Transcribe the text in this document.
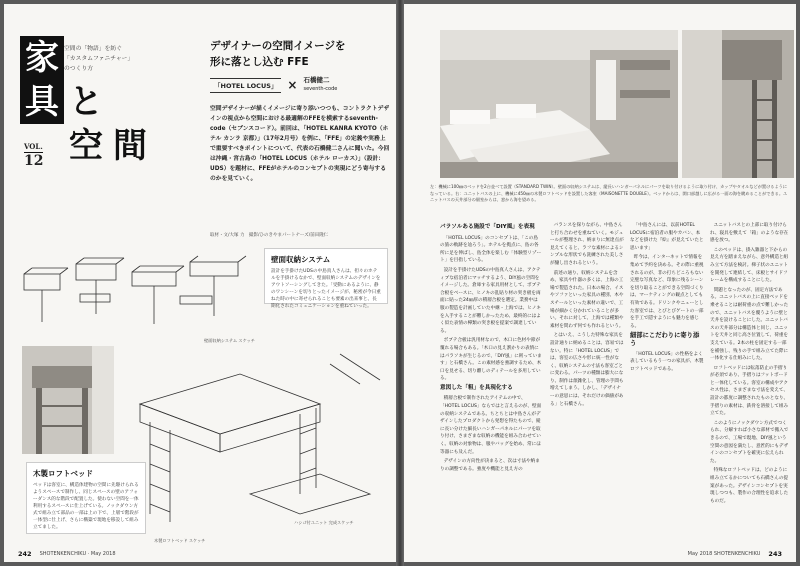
家
具 と
空 間
空間の「物語」を紡ぐ
「カスタムファニチャー」
のつくり方
VOL.
12
デザイナーの空間イメージを
形に落とし込む FFE
「HOTEL LOCUS」 × 石橋健二
seventh-code
空間デザイナーが描くイメージに寄り添いつつも、コントラクトデザインの視点から空間における最適解のFFEを模索するseventh-code（セブンスコード）。前回は、「HOTEL KANRA KYOTO（ホテル カンラ 京都）」（17年2月号）を例に、「FFE」の定義や実務上で重要すべきポイントについて、代表の石橋健二さんに聞いた。今回は沖縄・宮古島の「HOTEL LOCUS（ホテル ローカス）」（設計：UDS）を題材に、FFEがホテルのコンセプトの実現にどう寄与するのかを見ていく。
取材・文/大塚 力　撮影/ひのきやまパートナーズ/前田隆仁
壁面収納システム スケッチ
壁面収納システム

設計を手掛けたUDSの中島真人さんは、担々のホテルを手掛けるなかで、壁面収納システムのデザインをアウトソーシングしてきた。「受動にあるように、静のワンシーンを切りとったイメージが、秘密が今日重ねた時の中に寄せられることも要素の出来事と、長期化されたコミュニケーションを重ねていった。

木製ロフトベッド スケッチ
ハシゴ付ユニット 完成スケッチ
木製ロフトベッド

ベッドは客室に、構造体建物の空間に先駆けられるようスペースで制作し、同じスペースの壁のアフォーダンス的な階段で配置した。使わない空間を一体利用するスペースに仕上げている。ノックダウン方式で組み立て部品の一部は上の下で、上層で階段が一体型に仕上げ、さらに構築で現地を移設して組み立てました。

242 SHOTENKENCHIKU · May 2018
左：機械に100㎜のベッドを2台並べて設置（STANDARD TWIN）。壁面の収納システムは、縦長いハンガーパネルにパーツを取り付けるように取り付け、カップやタオルなどが置けるようになっている。右：ユニットバスの上に、機械に450㎜の木製ロフトベッドを設置した客室（MAISONETTE DOUBLE）。ベッドからは、開口部越しに広がる一面の海を眺めることができる。ユニットバスの天井部分の個室からは、窓から海を望める。

バランスを探りながら、中島さんと打ち合わせを重ねていく。モジュールが整理され、納まりに無達点が見えてくると、ラフな素材によるシンプルな形状でも洗練された美しさが醸し出されるという。

前述の通り、収納システムを含め、家具や什器の多くは、上海の工場で製造された。日本の場合、イスやソファといった家具の種別、木やスチールといった素材の違いで、工場が細かく分かれていることが多い。それに対して、上海では種類や素材を問わず何でも作れるという。

とはいえ、こうした特殊な家具を設計通りに納めることは、容易ではない。特に「HOTEL LOCUS」では、客室の広さや形に統一性がなく、収納システムの寸法も客室ごとに変わる。パーツの種類は膨大になり、制作は煩雑化し、管理の手間も増えてしまう。しかし、「デザイナーの意思には、それだけの価値がある」と石橋さん。

「中島さんには、以前HOTEL LOCUSに宿泊者の服やカバン、本などを掛けた『絵』が見えていたと思います」

昨今は、インターネットで情報を集めて予約を決める。その際に重視されるのが、非の打ちどころもない完璧な写真など、印象に残るシーンを切り取ることができる空間づくりは、マーケティングの観点としても有効である。ドリンクやニューとした客室では、とびとびゲートの一部を手工で隠すようにも魅力を感じる。

細部にこだわりに寄り添う

「HOTEL LOCUS」の性格をよく表しているもう一つの家具が、木製ロフトベッドである。

ユニットバスとの上部に取り付けられ、寝具を敷えて「箱」のような存在感を放つ。

このベッドは、掛入雑器と下からの見え方を踏まえながら、意外構造と組み立て方法を検討。梯子状のユニットを開発して連結して、床板とサイドフレームを構成することにした。

問題となったのが、固定方法である。ユニットバスの上に直接ベッドを乗せることは耐荷重の点で難しかったので、ユニットバスを覆うように壁と天井を設けることにした。ユニットバスの天井部分は構造体と同じ、ユニットを天井と同じ高さ位置して、荷重を支えている。2本の柱を固定する一部を補強し、残りの手で組み立てた際に一体化する仕組みにした。

ロフトベッドには転落防止の手摺りが必須であり、手摺りはフットボードと一体化している。客室の構成やアクセス性は、さまざまな寸法を変えて、設計の都度に調整されたものとなり、手摺りの素材は、鉄骨を溶接して組み立てた。

このようにノックダウン方式でつくられ、分解すれば小さな部材で搬入できるので、工場で現地、DIY風という空間の意図を満たし、意匠的にもデザインのコンセプトを確実に伝えられた。

特殊なロフトベッドは、どのように組み立てるかについても石橋さんの提案があった。デザインコンセプトを実現しつつも、製作の合理性を追求したものだ。

May 2018 SHOTENKENCHIKU 243
パラソルある施設で「DIY風」を表現

「HOTEL LOCUS」のコンセプトは、「この島の旅の軌跡を辿ろう」。ホテルを拠点に、島の各所に足を伸ばし、島全体を楽しむ「体験型リゾート」を目指している。

設計を手掛けたUDSの中島真人さんは、アクティブな宿泊者にマッチするよう、DIY風の空間をイメージした。倉庫する家具用材として、ボブテ合板をベースに、ヒノキの乱貼り材の突き板を両面に貼った24㎜厚の積層合板を選定。業務中は服の製造を計画していた中継・上海では、ヒノキを入手することが難しかったため、最終的にはよく似た表情の樺類の突き板を提案で調達している。

ボブテ合板は汎用材なので、木口に色材や節が覆れる場合もある。「木口の見え割かりの表情にはパラソキが生じるので、「DIY風」に則っています」と石橋さん。この素材感を強調するため、木口を見せる、切り離しのディテールを多用している。

意図した「粗」を具現化する

積層合板で制作されたアイテムの中で、「HOTEL LOCUS」ならではと言えるのが、壁面の収納システムである。ちとちとは中島さんがデザインしたプロダクトから発想を得たもので、縦に長い分けた細長いハンガーパネルにパーツを取り付け、さまざまな収納の機能を組み合わせていく。収納の対象物は、服やバッグを始め、常にほ等器にも及んだ。

デザインの方向性が決まると、次は寸法や納まりの調整である。強度や機能と見え方の
